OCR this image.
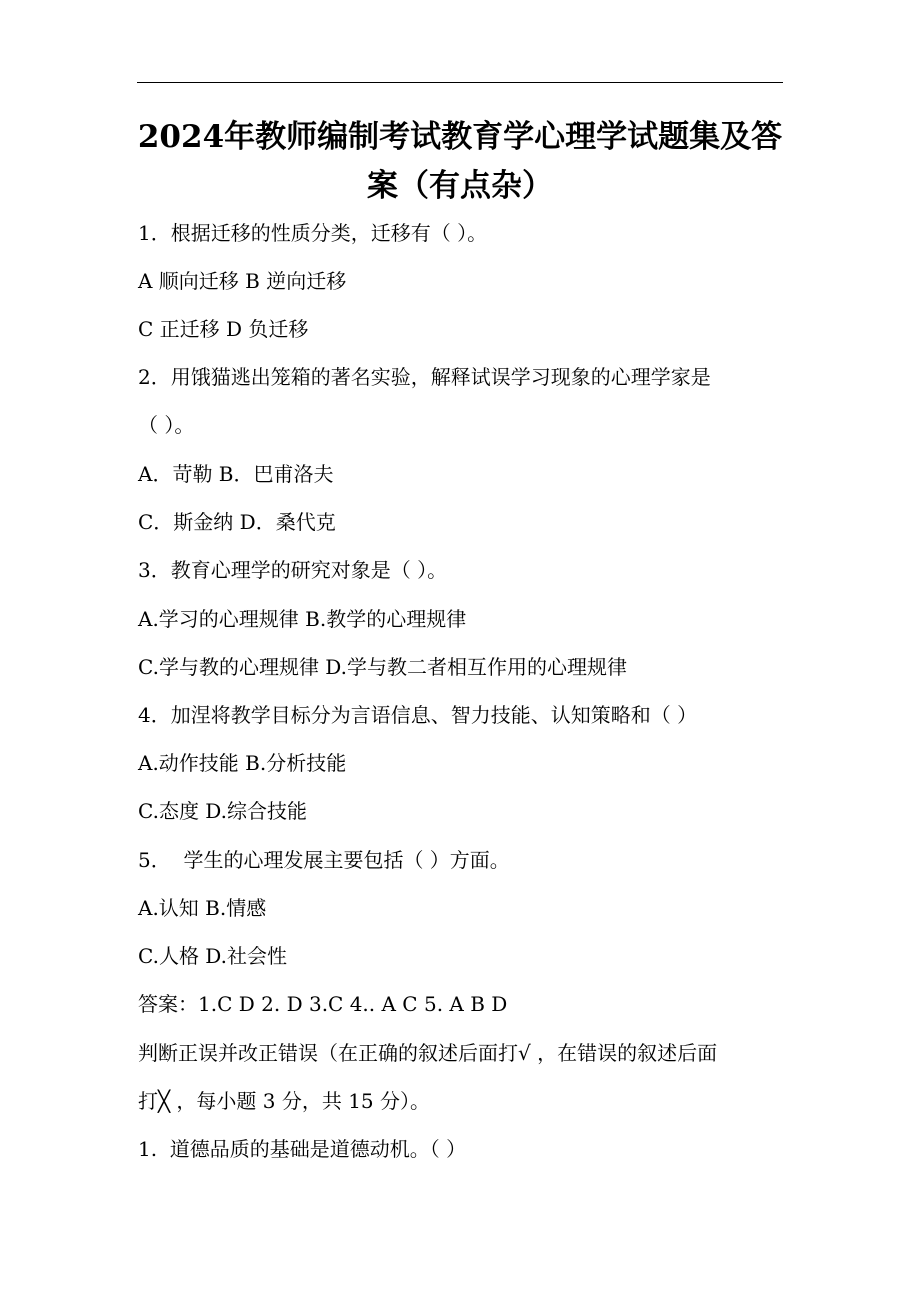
2024年教师编制考试教育学心理学试题集及答
案（有点杂）

1．根据迁移的性质分类，迁移有（ ）。

A 顺向迁移 B 逆向迁移

C 正迁移 D 负迁移

2．用饿猫逃出笼箱的著名实验，解释试误学习现象的心理学家是

（ ）。

A．苛勒 B．巴甫洛夫

C．斯金纳 D．桑代克

3．教育心理学的研究对象是（ ）。

A.学习的心理规律 B.教学的心理规律

C.学与教的心理规律 D.学与教二者相互作用的心理规律

4．加涅将教学目标分为言语信息、智力技能、认知策略和（ ）

A.动作技能 B.分析技能

C.态度 D.综合技能

5．  学生的心理发展主要包括（ ）方面。

A.认知 B.情感

C.人格 D.社会性

答案：1.C D 2. D 3.C 4.. A C 5. A B D

判断正误并改正错误（在正确的叙述后面打√ ，在错误的叙述后面

打╳ ，每小题 3 分，共 15 分）。

1.  道德品质的基础是道德动机。（ ）
